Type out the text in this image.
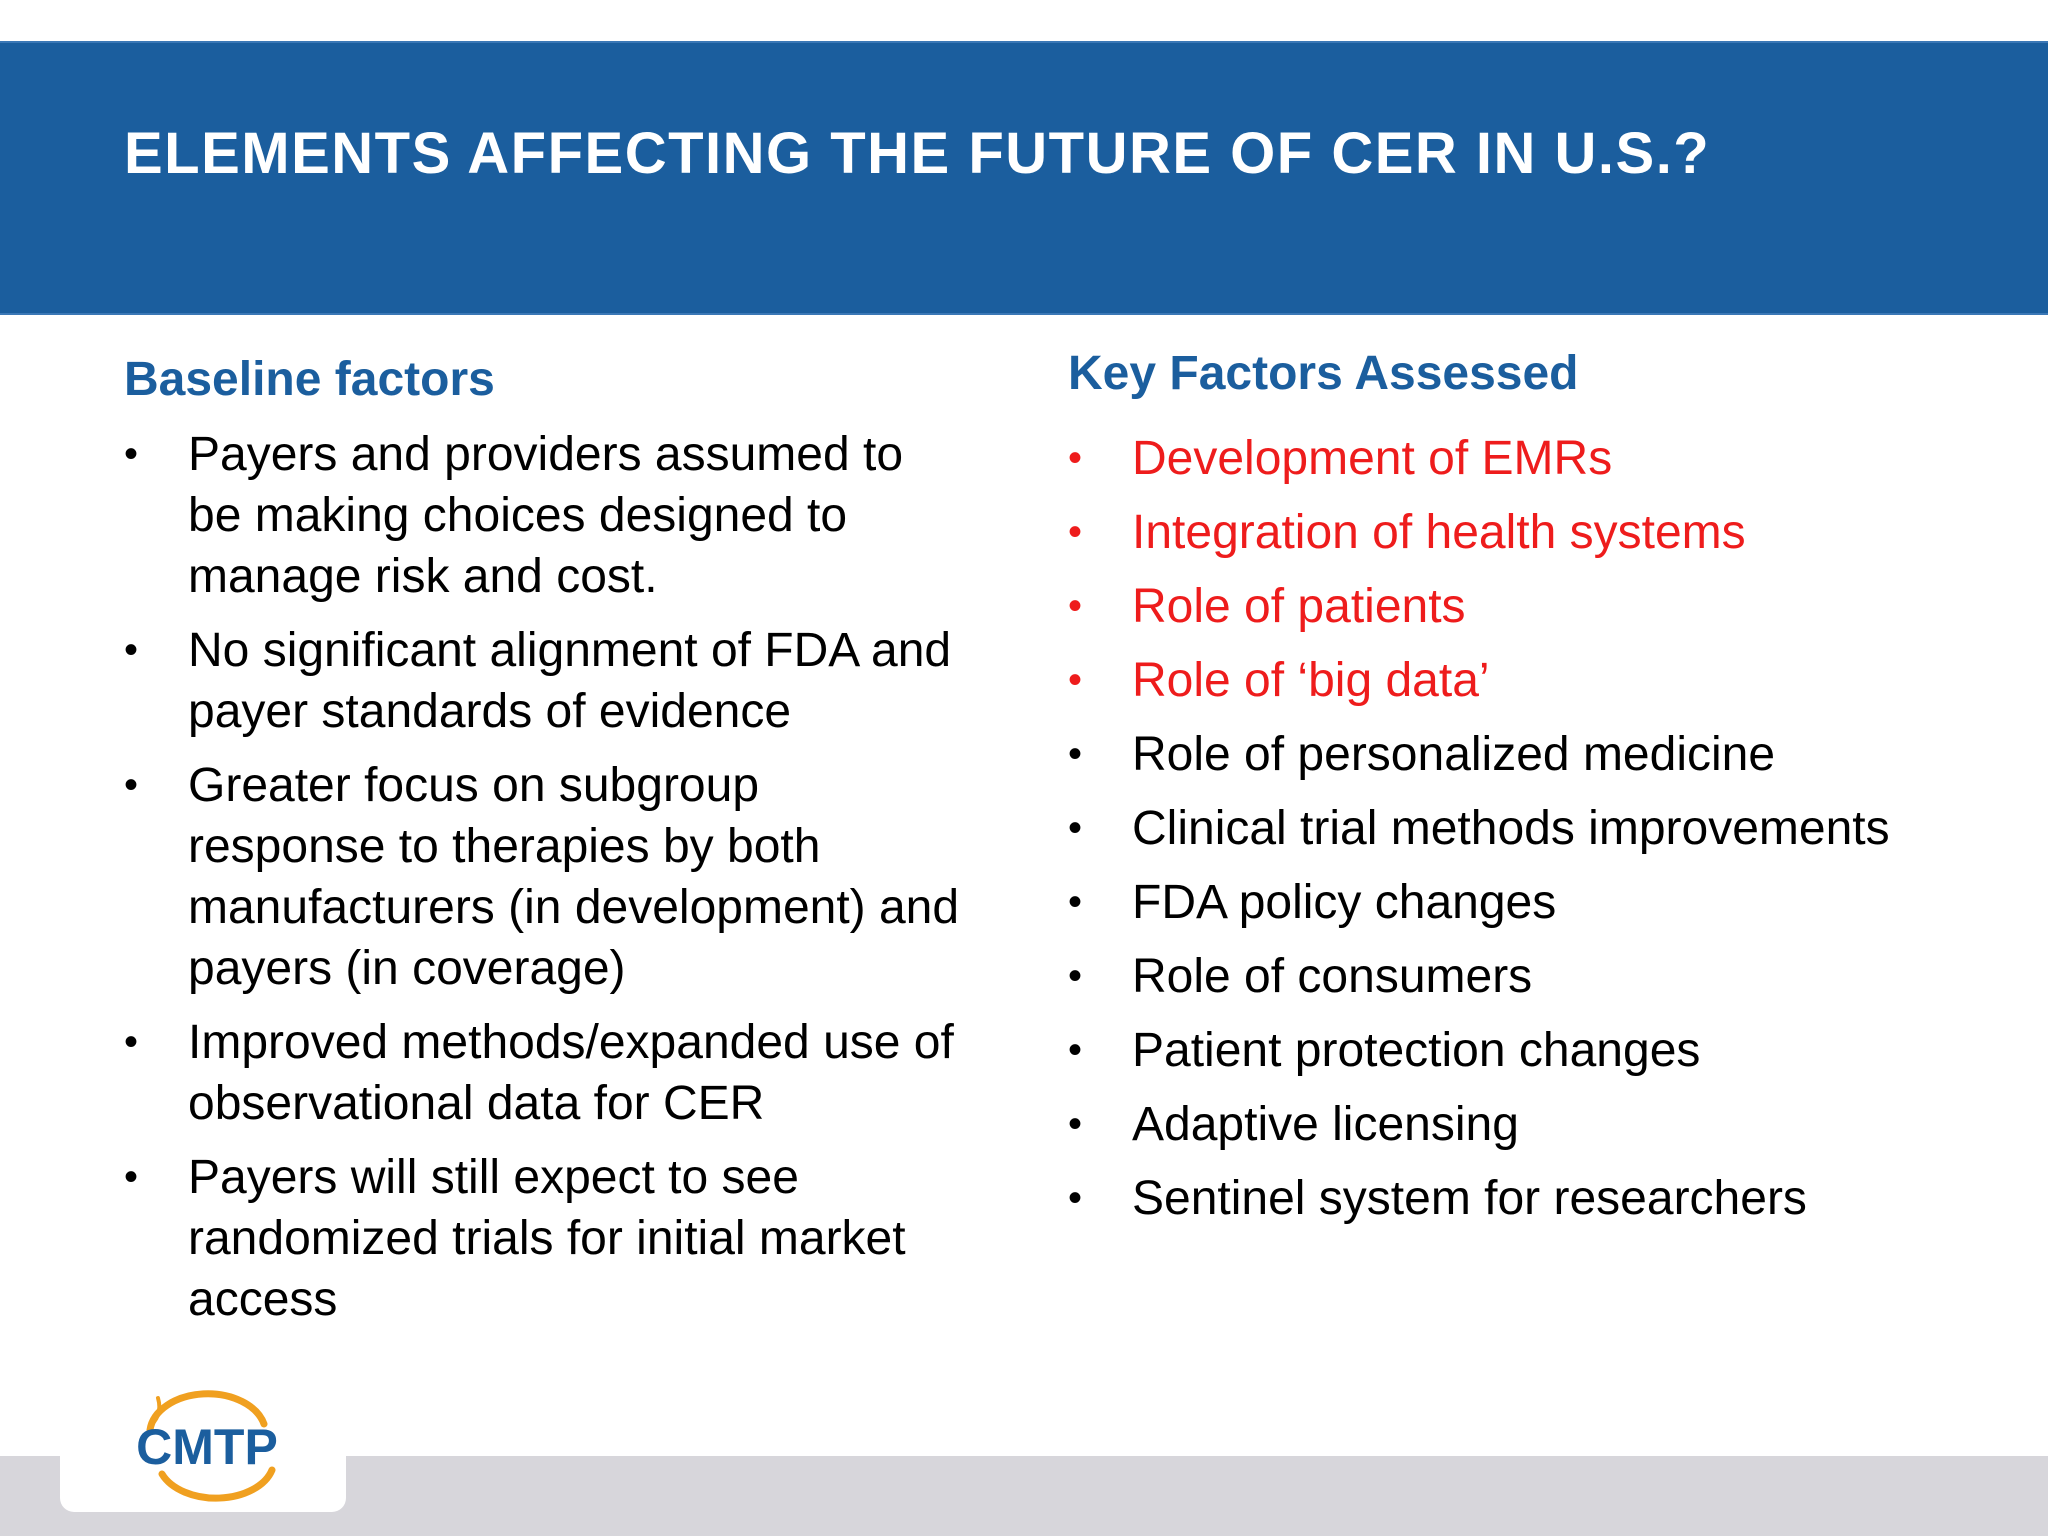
ELEMENTS AFFECTING THE FUTURE OF CER IN U.S.?
Baseline factors
• Payers and providers assumed to be making choices designed to manage risk and cost.
• No significant alignment of FDA and payer standards of evidence
• Greater focus on subgroup response to therapies by both manufacturers (in development) and payers (in coverage)
• Improved methods/expanded use of observational data for CER
• Payers will still expect to see randomized trials for initial market access
Key Factors Assessed
• Development of EMRs
• Integration of health systems
• Role of patients
• Role of ‘big data’
• Role of personalized medicine
• Clinical trial methods improvements
• FDA policy changes
• Role of consumers
• Patient protection changes
• Adaptive licensing
• Sentinel system for researchers
CMTP
